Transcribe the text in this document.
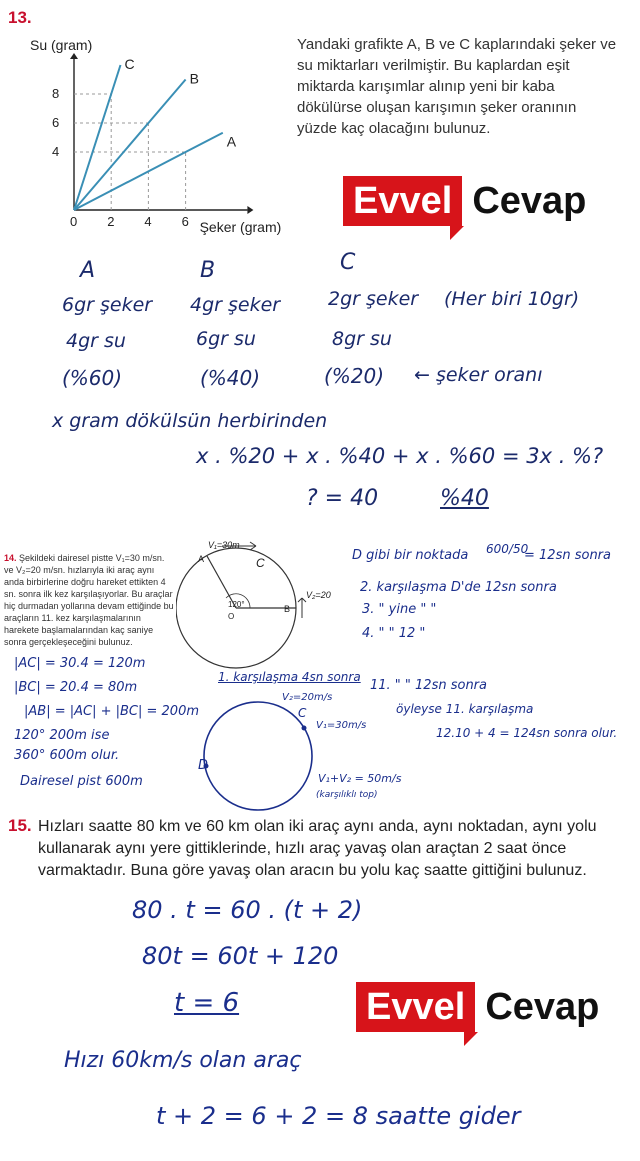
13.
A
B
C
0 2 4 6
4
6
8
Şeker (gram)
Su (gram)	Yandaki grafikte A, B ve C kaplarındaki şeker ve su miktarları verilmiştir. Bu kaplardan eşit miktarda karışımlar alınıp yeni bir kaba dökülürse oluşan karışımın şeker oranının yüzde kaç olacağını bulunuz.
Evvel Cevap
A	B	C
6gr şeker 4gr şeker	2gr şeker (Her biri 10gr)
4gr su	6gr su	8gr su
(%60)	(%40)	(%20) ← şeker oranı
x gram dökülsün herbirinden
x . %20 + x . %40 + x . %60 = 3x . %?
? = 40	%40
14. Şekildeki dairesel pistte V₁=30 m/sn. ve V₂=20 m/sn. hızlarıyla iki araç aynı anda birbirlerine doğru hareket ettikten 4 sn. sonra ilk kez karşılaşıyorlar. Bu araçlar hiç durmadan yollarına devam ettiğinde bu araçların 11. kez karşılaşmalarının harekete başlamalarından kaç saniye sonra gerçekleşeceğini bulunuz.
V₁=30m
V₂=20
120°
A
B
C
O
|AC| = 30.4 = 120m
|BC| = 20.4 = 80m
|AB| = |AC| + |BC| = 200m
120° 200m ise
360° 600m olur.
Dairesel pist 600m
1. karşılaşma 4sn sonra
V₂=20m/s
V₁=30m/s
C
D
V₁+V₂ = 50m/s
(karşılıklı top)
D gibi bir noktada 600/50
= 12sn sonra
2. karşılaşma D'de 12sn sonra
3. " yine " "
4. " " 12 "
11. " " 12sn sonra
öyleyse 11. karşılaşma
12.10 + 4 = 124sn sonra olur.
15. Hızları saatte 80 km ve 60 km olan iki araç aynı anda, aynı noktadan, aynı yolu kullanarak aynı yere gittiklerinde, hızlı araç yavaş olan araçtan 2 saat önce varmaktadır. Buna göre yavaş olan aracın bu yolu kaç saatte gittiğini bulunuz.
80 . t = 60 . (t + 2)
80t = 60t + 120
t = 6
Hızı 60km/s olan araç
t + 2 = 6 + 2 = 8 saatte gider
Evvel Cevap
